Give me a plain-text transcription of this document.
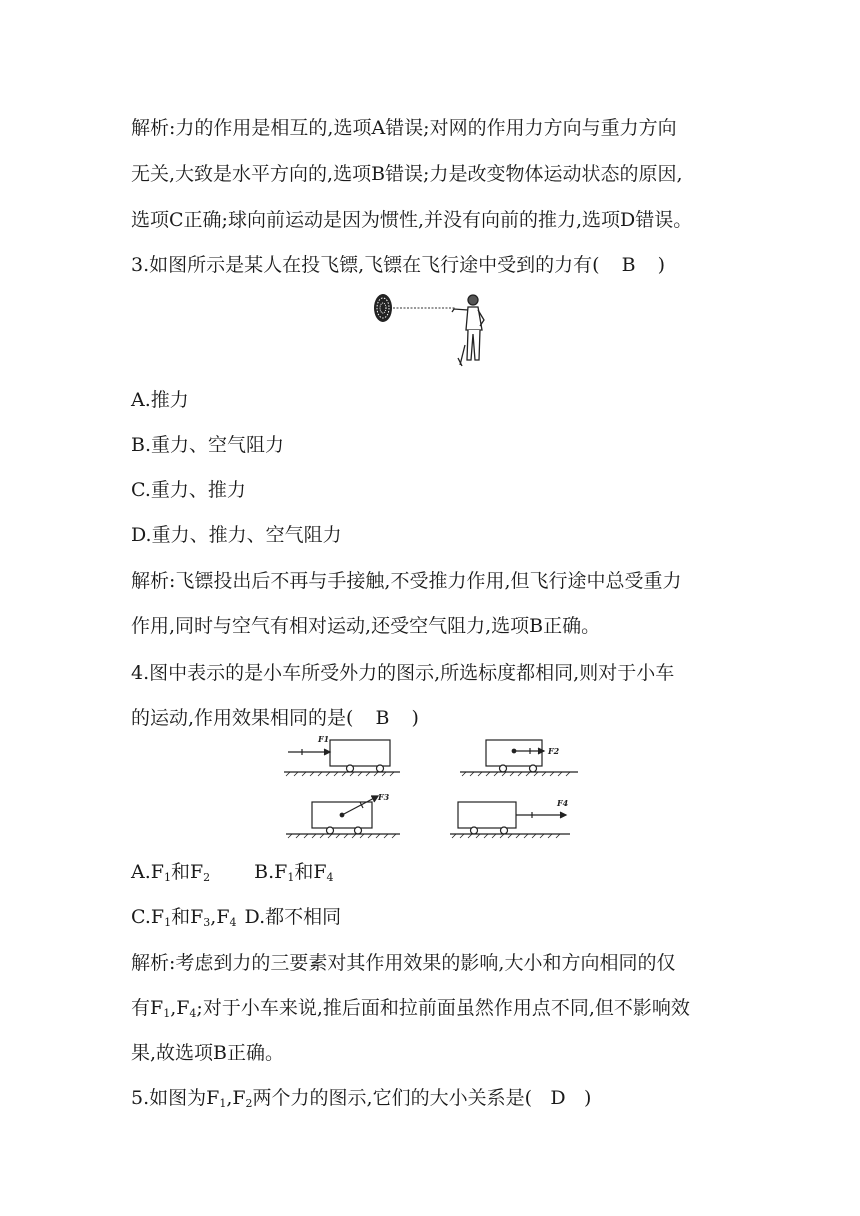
解析:力的作用是相互的,选项A错误;对网的作用力方向与重力方向
无关,大致是水平方向的,选项B错误;力是改变物体运动状态的原因,
选项C正确;球向前运动是因为惯性,并没有向前的推力,选项D错误。
3.如图所示是某人在投飞镖,飞镖在飞行途中受到的力有( B )
A.推力
B.重力、空气阻力
C.重力、推力
D.重力、推力、空气阻力
解析:飞镖投出后不再与手接触,不受推力作用,但飞行途中总受重力
作用,同时与空气有相对运动,还受空气阻力,选项B正确。
4.图中表示的是小车所受外力的图示,所选标度都相同,则对于小车
的运动,作用效果相同的是( B )
F1
F2
F3
F4
$A.F_1$和$F_2$ $B.F_1$和$F_4$
$C.F_1$和$F_3,F_4$ D.都不相同
解析:考虑到力的三要素对其作用效果的影响,大小和方向相同的仅
有$F_1,F_4$;对于小车来说,推后面和拉前面虽然作用点不同,但不影响效
果,故选项B正确。
5.如图为$F_1,F_2$两个力的图示,它们的大小关系是( D )
